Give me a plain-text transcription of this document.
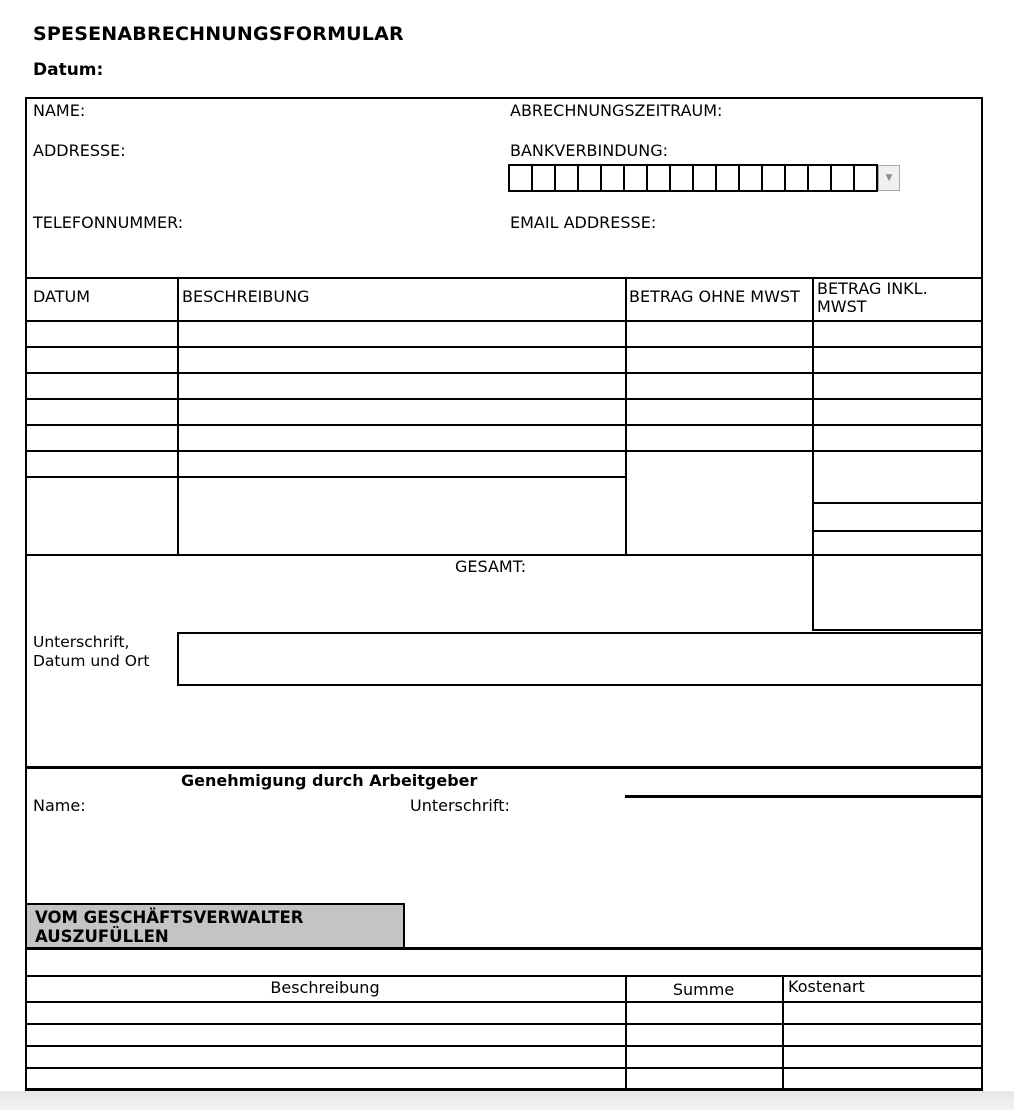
SPESENABRECHNUNGSFORMULAR
Datum:
NAME:	ABRECHNUNGSZEITRAUM:
ADDRESSE:	BANKVERBINDUNG:
TELEFONNUMMER:	EMAIL ADDRESSE:
▼
DATUM	BESCHREIBUNG	BETRAG OHNE MWST	BETRAG INKL. MWST
GESAMT:
Unterschrift,
Datum und Ort
Genehmigung durch Arbeitgeber
Name:	Unterschrift:
VOM GESCHÄFTSVERWALTER
AUSZUFÜLLEN
Beschreibung	Summe	Kostenart
